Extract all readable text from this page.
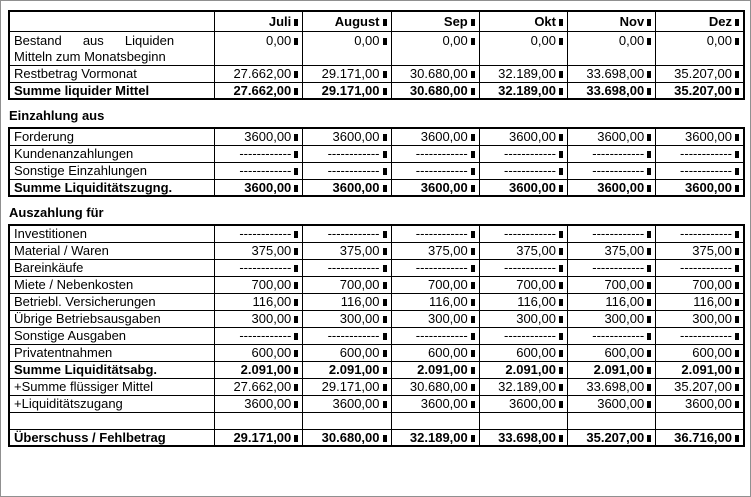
	Juli	August	Sep	Okt	Nov	Dez
Bestand aus Liquiden Mitteln zum Monatsbeginn	0,00	0,00	0,00	0,00	0,00	0,00
Restbetrag Vormonat	27.662,00	29.171,00	30.680,00	32.189,00	33.698,00	35.207,00
Summe liquider Mittel	27.662,00	29.171,00	30.680,00	32.189,00	33.698,00	35.207,00
Einzahlung aus
Forderung	3600,00	3600,00	3600,00	3600,00	3600,00	3600,00
Kundenanzahlungen	------------	------------	------------	------------	------------	------------
Sonstige Einzahlungen	------------	------------	------------	------------	------------	------------
Summe Liquiditätszugng.	3600,00	3600,00	3600,00	3600,00	3600,00	3600,00
Auszahlung für
Investitionen	------------	------------	------------	------------	------------	------------
Material / Waren	375,00	375,00	375,00	375,00	375,00	375,00
Bareinkäufe	------------	------------	------------	------------	------------	------------
Miete / Nebenkosten	700,00	700,00	700,00	700,00	700,00	700,00
Betriebl. Versicherungen	116,00	116,00	116,00	116,00	116,00	116,00
Übrige Betriebsausgaben	300,00	300,00	300,00	300,00	300,00	300,00
Sonstige Ausgaben	------------	------------	------------	------------	------------	------------
Privatentnahmen	600,00	600,00	600,00	600,00	600,00	600,00
Summe Liquiditätsabg.	2.091,00	2.091,00	2.091,00	2.091,00	2.091,00	2.091,00
+Summe flüssiger Mittel	27.662,00	29.171,00	30.680,00	32.189,00	33.698,00	35.207,00
+Liquiditätszugang	3600,00	3600,00	3600,00	3600,00	3600,00	3600,00

Überschuss / Fehlbetrag	29.171,00	30.680,00	32.189,00	33.698,00	35.207,00	36.716,00
